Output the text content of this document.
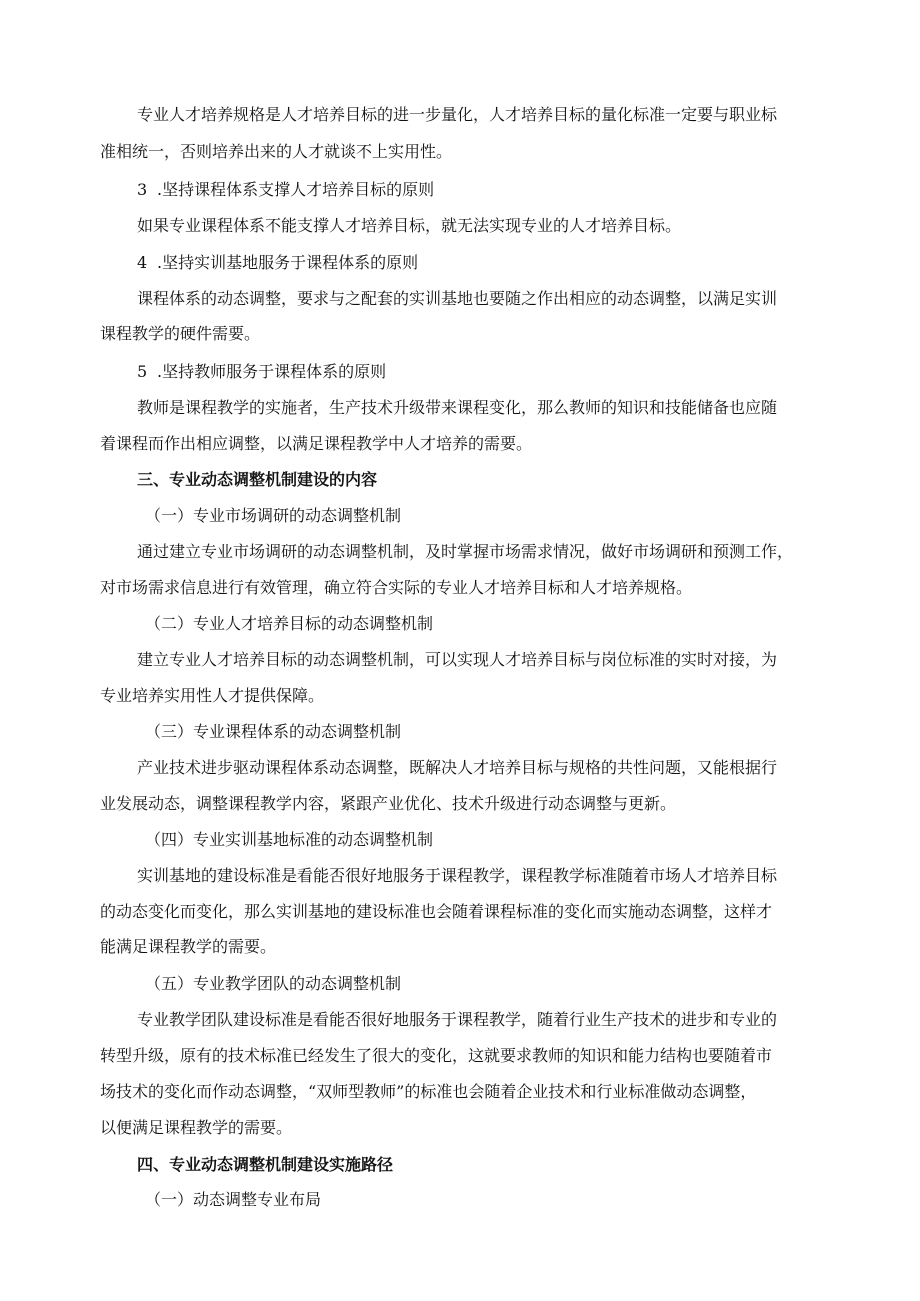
专业人才培养规格是人才培养目标的进一步量化，人才培养目标的量化标准一定要与职业标
准相统一，否则培养出来的人才就谈不上实用性。
3 .坚持课程体系支撑人才培养目标的原则
如果专业课程体系不能支撑人才培养目标，就无法实现专业的人才培养目标。
4 .坚持实训基地服务于课程体系的原则
课程体系的动态调整，要求与之配套的实训基地也要随之作出相应的动态调整，以满足实训
课程教学的硬件需要。
5 .坚持教师服务于课程体系的原则
教师是课程教学的实施者，生产技术升级带来课程变化，那么教师的知识和技能储备也应随
着课程而作出相应调整，以满足课程教学中人才培养的需要。
三、专业动态调整机制建设的内容
（一）专业市场调研的动态调整机制
通过建立专业市场调研的动态调整机制，及时掌握市场需求情况，做好市场调研和预测工作，
对市场需求信息进行有效管理，确立符合实际的专业人才培养目标和人才培养规格。
（二）专业人才培养目标的动态调整机制
建立专业人才培养目标的动态调整机制，可以实现人才培养目标与岗位标准的实时对接，为
专业培养实用性人才提供保障。
（三）专业课程体系的动态调整机制
产业技术进步驱动课程体系动态调整，既解决人才培养目标与规格的共性问题，又能根据行
业发展动态，调整课程教学内容，紧跟产业优化、技术升级进行动态调整与更新。
（四）专业实训基地标准的动态调整机制
实训基地的建设标准是看能否很好地服务于课程教学，课程教学标准随着市场人才培养目标
的动态变化而变化，那么实训基地的建设标准也会随着课程标准的变化而实施动态调整，这样才
能满足课程教学的需要。
（五）专业教学团队的动态调整机制
专业教学团队建设标准是看能否很好地服务于课程教学，随着行业生产技术的进步和专业的
转型升级，原有的技术标准已经发生了很大的变化，这就要求教师的知识和能力结构也要随着市
场技术的变化而作动态调整，“双师型教师”的标准也会随着企业技术和行业标准做动态调整，
以便满足课程教学的需要。
四、专业动态调整机制建设实施路径
（一）动态调整专业布局
